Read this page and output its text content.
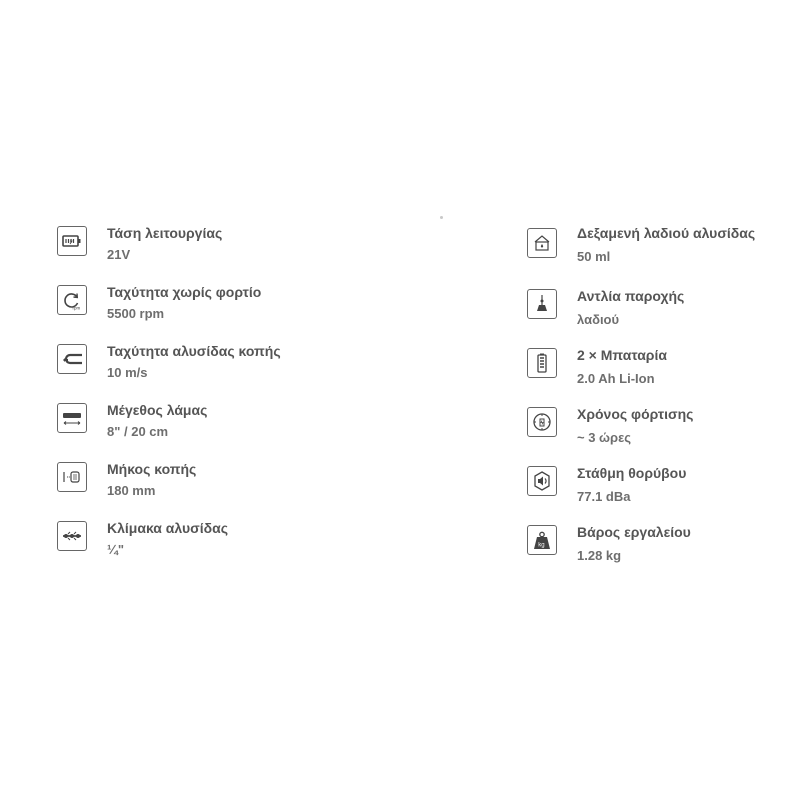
Τάση λειτουργίας
21V
rpm
Ταχύτητα χωρίς φορτίο
5500 rpm
Ταχύτητα αλυσίδας κοπής
10 m/s
Μέγεθος λάμας
8" / 20 cm
Μήκος κοπής
180 mm
Κλίμακα αλυσίδας
¼"
Δεξαμενή λαδιού αλυσίδας
50 ml
Αντλία παροχής
λαδιού
2 × Μπαταρία
2.0 Ah Li-Ion
Χρόνος φόρτισης
~ 3 ώρες
Στάθμη θορύβου
77.1 dBa
kg
Βάρος εργαλείου
1.28 kg
